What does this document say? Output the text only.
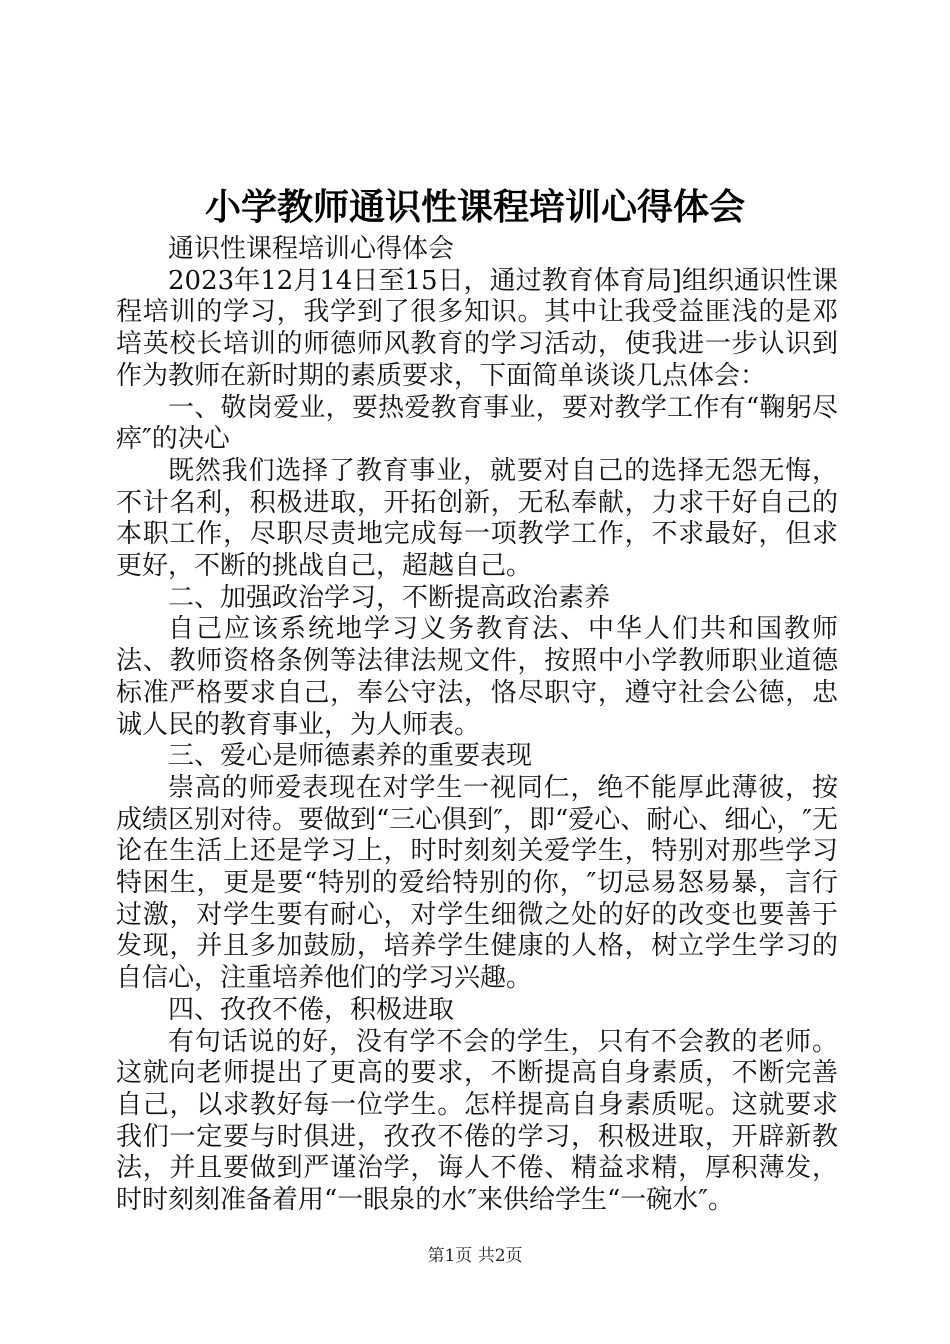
小学教师通识性课程培训心得体会

通识性课程培训心得体会

2023年12月14日至15日，通过教育体育局]组织通识性课程培训的学习，我学到了很多知识。其中让我受益匪浅的是邓培英校长培训的师德师风教育的学习活动，使我进一步认识到作为教师在新时期的素质要求，下面简单谈谈几点体会：

一、敬岗爱业，要热爱教育事业，要对教学工作有“鞠躬尽瘁″的决心

既然我们选择了教育事业，就要对自己的选择无怨无悔，不计名利，积极进取，开拓创新，无私奉献，力求干好自己的本职工作，尽职尽责地完成每一项教学工作，不求最好，但求更好，不断的挑战自己，超越自己。

二、加强政治学习，不断提高政治素养

自己应该系统地学习义务教育法、中华人们共和国教师法、教师资格条例等法律法规文件，按照中小学教师职业道德标准严格要求自己，奉公守法，恪尽职守，遵守社会公德，忠诚人民的教育事业，为人师表。

三、爱心是师德素养的重要表现

崇高的师爱表现在对学生一视同仁，绝不能厚此薄彼，按成绩区别对待。要做到“三心俱到″，即“爱心、耐心、细心，″无论在生活上还是学习上，时时刻刻关爱学生，特别对那些学习特困生，更是要“特别的爱给特别的你，″切忌易怒易暴，言行过激，对学生要有耐心，对学生细微之处的好的改变也要善于发现，并且多加鼓励，培养学生健康的人格，树立学生学习的自信心，注重培养他们的学习兴趣。

四、孜孜不倦，积极进取

有句话说的好，没有学不会的学生，只有不会教的老师。这就向老师提出了更高的要求，不断提高自身素质，不断完善自己，以求教好每一位学生。怎样提高自身素质呢。这就要求我们一定要与时俱进，孜孜不倦的学习，积极进取，开辟新教法，并且要做到严谨治学，诲人不倦、精益求精，厚积薄发，时时刻刻准备着用“一眼泉的水″来供给学生“一碗水″。

第1页 共2页
